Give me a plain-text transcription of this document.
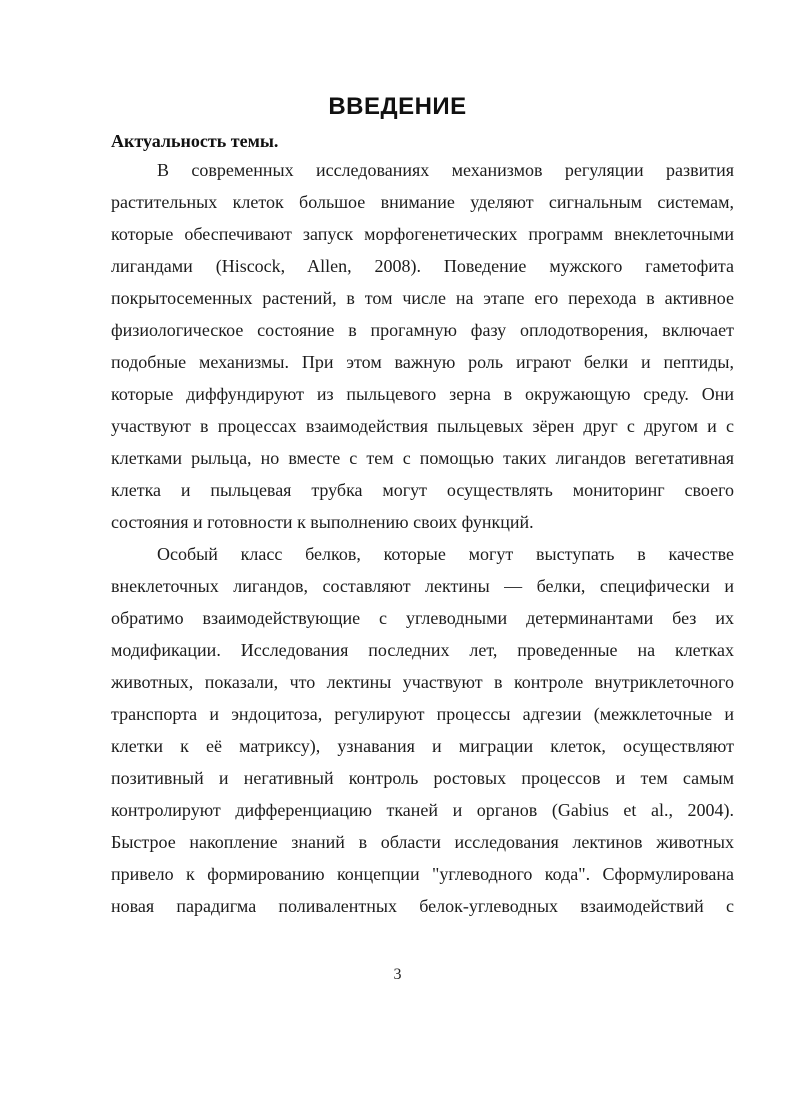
ВВЕДЕНИЕ
Актуальность темы.
В современных исследованиях механизмов регуляции развития
растительных клеток большое внимание уделяют сигнальным системам,
которые обеспечивают запуск морфогенетических программ внеклеточными
лигандами (Hiscock, Allen, 2008). Поведение мужского гаметофита
покрытосеменных растений, в том числе на этапе его перехода в активное
физиологическое состояние в прогамную фазу оплодотворения, включает
подобные механизмы. При этом важную роль играют белки и пептиды,
которые диффундируют из пыльцевого зерна в окружающую среду. Они
участвуют в процессах взаимодействия пыльцевых зёрен друг с другом и с
клетками рыльца, но вместе с тем с помощью таких лигандов вегетативная
клетка и пыльцевая трубка могут осуществлять мониторинг своего
состояния и готовности к выполнению своих функций.
Особый класс белков, которые могут выступать в качестве
внеклеточных лигандов, составляют лектины — белки, специфически и
обратимо взаимодействующие с углеводными детерминантами без их
модификации. Исследования последних лет, проведенные на клетках
животных, показали, что лектины участвуют в контроле внутриклеточного
транспорта и эндоцитоза, регулируют процессы адгезии (межклеточные и
клетки к её матриксу), узнавания и миграции клеток, осуществляют
позитивный и негативный контроль ростовых процессов и тем самым
контролируют дифференциацию тканей и органов (Gabius et al., 2004).
Быстрое накопление знаний в области исследования лектинов животных
привело к формированию концепции "углеводного кода". Сформулирована
новая парадигма поливалентных белок-углеводных взаимодействий с
3
